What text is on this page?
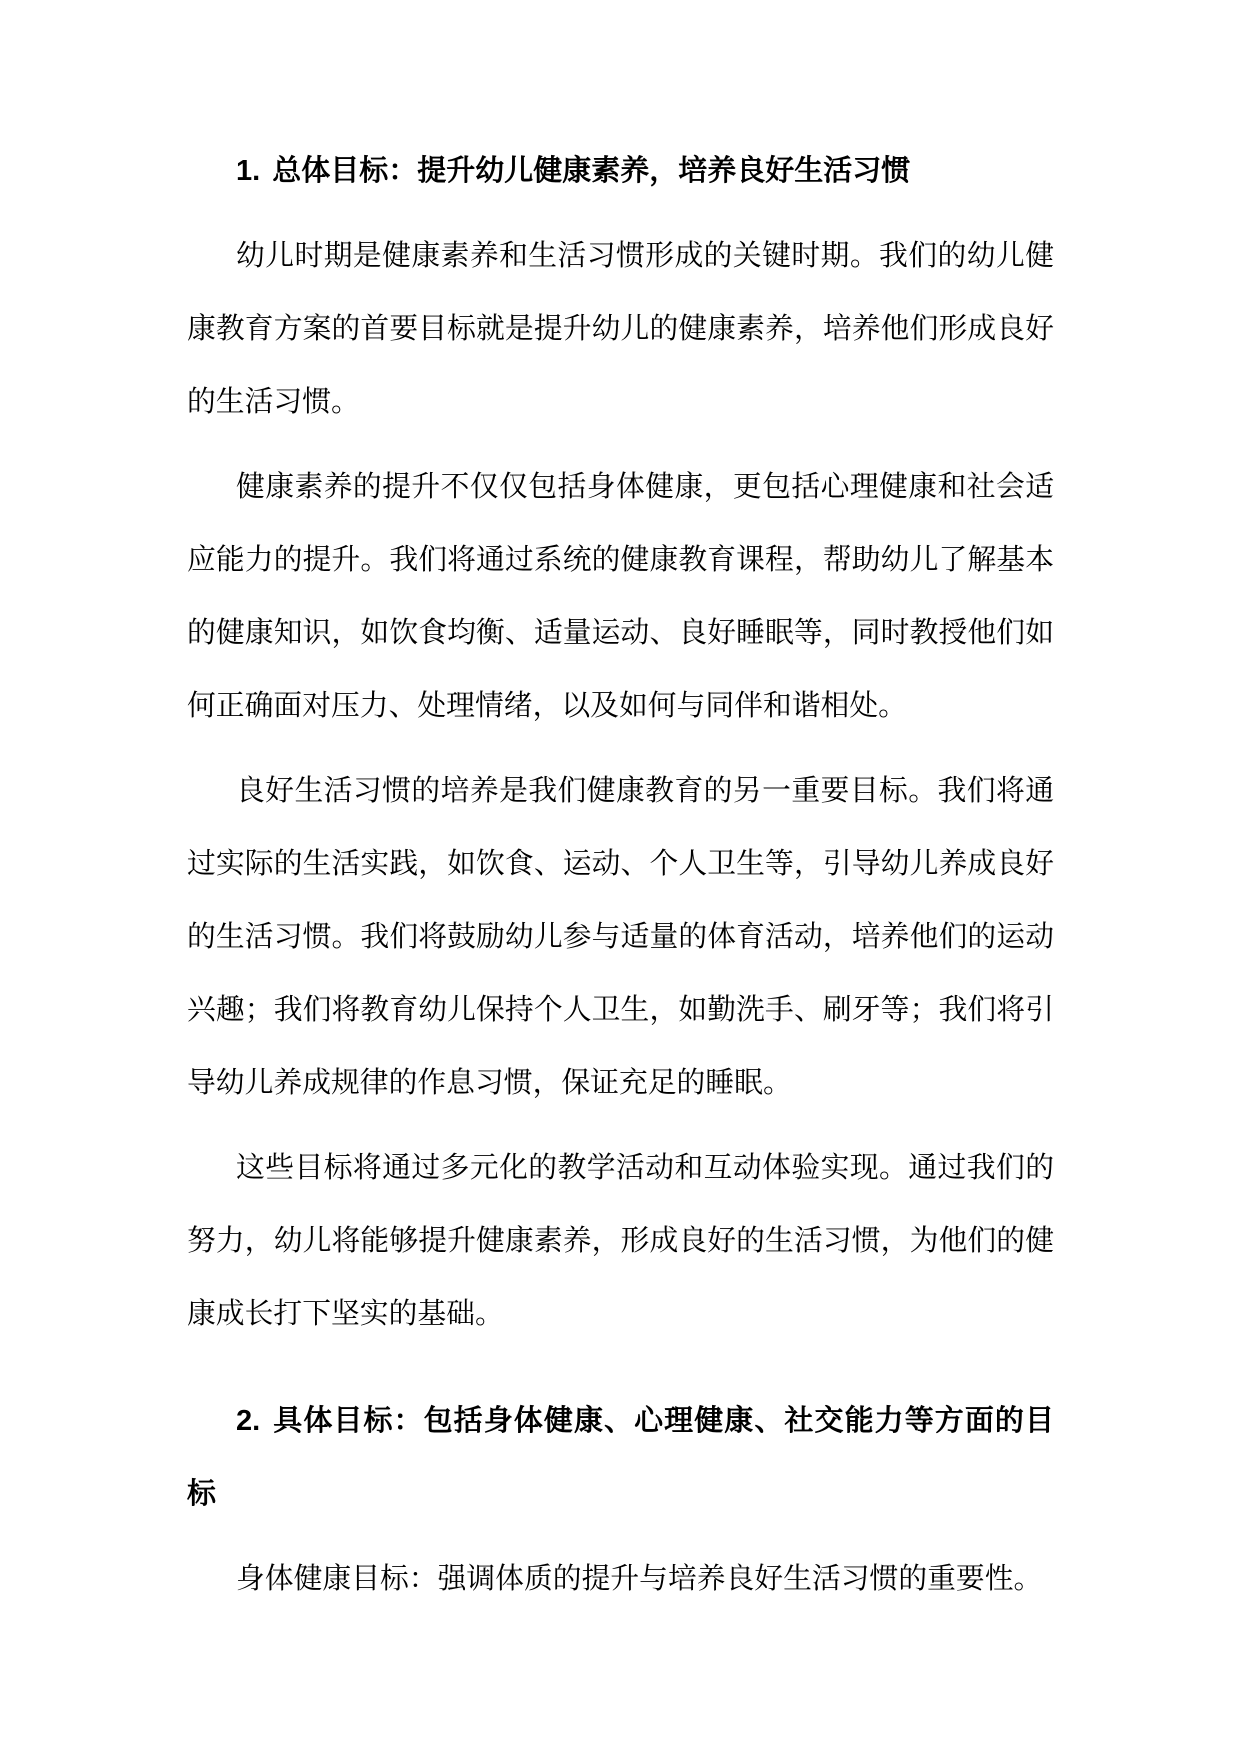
1. 总体目标：提升幼儿健康素养，培养良好生活习惯
幼儿时期是健康素养和生活习惯形成的关键时期。我们的幼儿健
康教育方案的首要目标就是提升幼儿的健康素养，培养他们形成良好
的生活习惯。
健康素养的提升不仅仅包括身体健康，更包括心理健康和社会适
应能力的提升。我们将通过系统的健康教育课程，帮助幼儿了解基本
的健康知识，如饮食均衡、适量运动、良好睡眠等，同时教授他们如
何正确面对压力、处理情绪，以及如何与同伴和谐相处。
良好生活习惯的培养是我们健康教育的另一重要目标。我们将通
过实际的生活实践，如饮食、运动、个人卫生等，引导幼儿养成良好
的生活习惯。我们将鼓励幼儿参与适量的体育活动，培养他们的运动
兴趣；我们将教育幼儿保持个人卫生，如勤洗手、刷牙等；我们将引
导幼儿养成规律的作息习惯，保证充足的睡眠。
这些目标将通过多元化的教学活动和互动体验实现。通过我们的
努力，幼儿将能够提升健康素养，形成良好的生活习惯，为他们的健
康成长打下坚实的基础。
2. 具体目标：包括身体健康、心理健康、社交能力等方面的目
标
身体健康目标：强调体质的提升与培养良好生活习惯的重要性。
